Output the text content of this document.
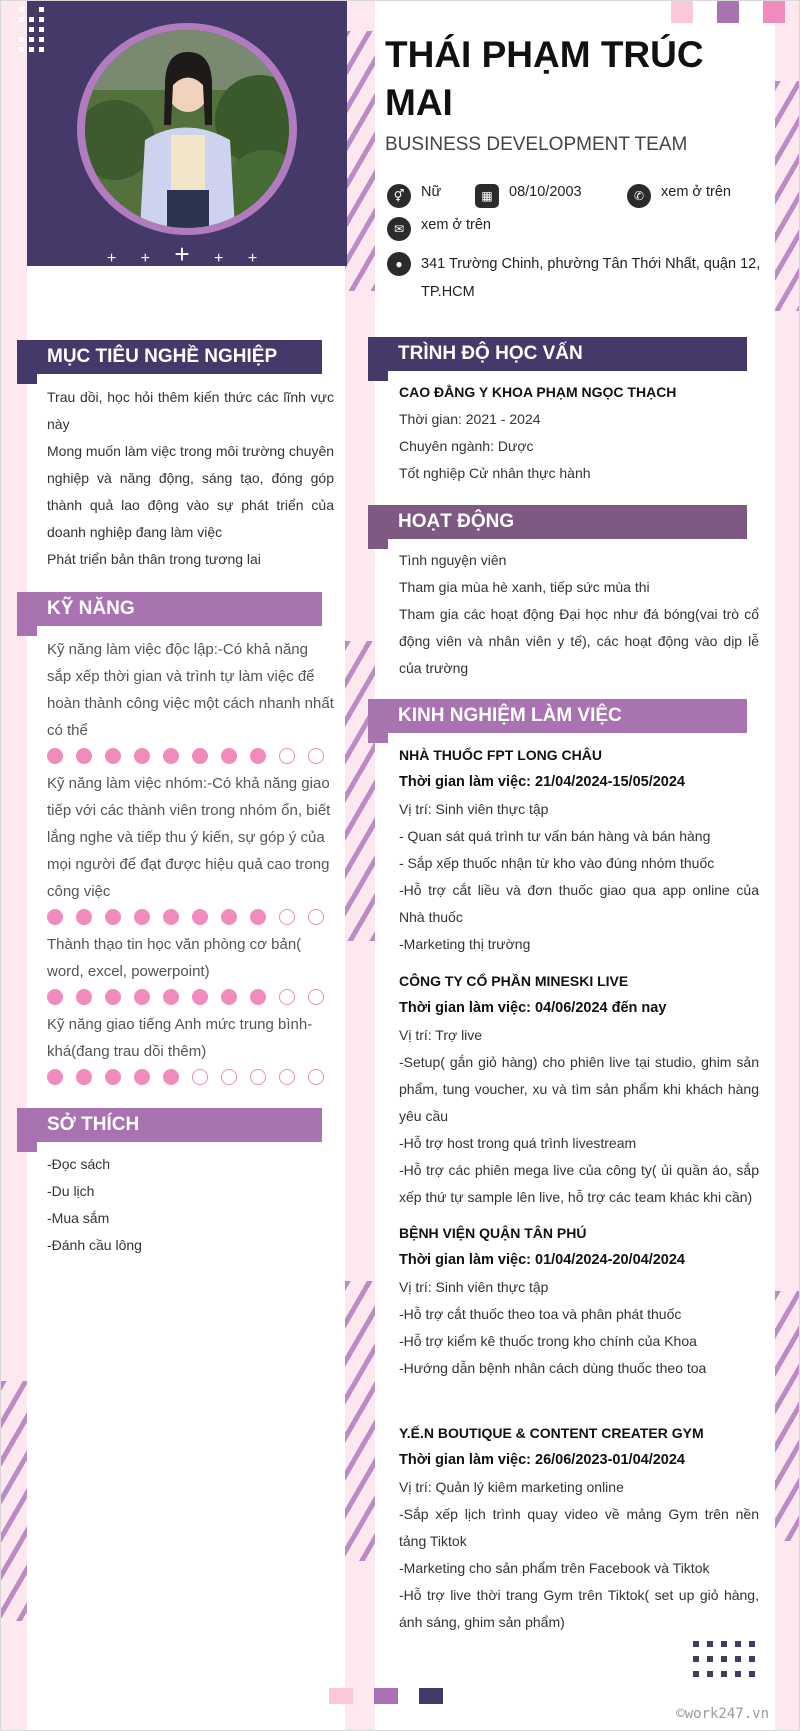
+ + + + +
THÁI PHẠM TRÚC MAI
BUSINESS DEVELOPMENT TEAM
⚥	Nữ	▦	08/10/2003	✆	xem ở trên
✉	xem ở trên
●	341 Trường Chinh, phường Tân Thới Nhất, quận 12, TP.HCM
MỤC TIÊU NGHỀ NGHIỆP
Trau dồi, học hỏi thêm kiến thức các lĩnh vực này
Mong muốn làm việc trong môi trường chuyên nghiệp và năng động, sáng tạo, đóng góp thành quả lao động vào sự phát triển của doanh nghiệp đang làm việc
Phát triển bản thân trong tương lai
KỸ NĂNG
Kỹ năng làm việc độc lập:-Có khả năng sắp xếp thời gian và trình tự làm việc để hoàn thành công việc một cách nhanh nhất có thể
Kỹ năng làm việc nhóm:-Có khả năng giao tiếp với các thành viên trong nhóm ổn, biết lắng nghe và tiếp thu ý kiến, sự góp ý của mọi người để đạt được hiệu quả cao trong công việc
Thành thạo tin học văn phòng cơ bản( word, excel, powerpoint)
Kỹ năng giao tiếng Anh mức trung bình-khá(đang trau dồi thêm)
SỞ THÍCH
-Đọc sách
-Du lịch
-Mua sắm
-Đánh cầu lông
TRÌNH ĐỘ HỌC VẤN
CAO ĐẲNG Y KHOA PHẠM NGỌC THẠCH
Thời gian: 2021 - 2024
Chuyên ngành: Dược
Tốt nghiệp Cử nhân thực hành
HOẠT ĐỘNG
Tình nguyện viên
Tham gia mùa hè xanh, tiếp sức mùa thi
Tham gia các hoạt động Đại học như đá bóng(vai trò cổ động viên và nhân viên y tế), các hoạt động vào dịp lễ của trường
KINH NGHIỆM LÀM VIỆC
NHÀ THUỐC FPT LONG CHÂU
Thời gian làm việc: 21/04/2024-15/05/2024
Vị trí: Sinh viên thực tập
- Quan sát quá trình tư vấn bán hàng và bán hàng
- Sắp xếp thuốc nhận từ kho vào đúng nhóm thuốc
-Hỗ trợ cắt liều và đơn thuốc giao qua app online của Nhà thuốc
-Marketing thị trường
CÔNG TY CỔ PHẦN MINESKI LIVE
Thời gian làm việc: 04/06/2024 đến nay
Vị trí: Trợ live
-Setup( gắn giỏ hàng) cho phiên live tại studio, ghim sản phẩm, tung voucher, xu và tìm sản phẩm khi khách hàng yêu cầu
-Hỗ trợ host trong quá trình livestream
-Hỗ trợ các phiên mega live của công ty( ủi quần áo, sắp xếp thứ tự sample lên live, hỗ trợ các team khác khi cần)
BỆNH VIỆN QUẬN TÂN PHÚ
Thời gian làm việc: 01/04/2024-20/04/2024
Vị trí: Sinh viên thực tập
-Hỗ trợ cắt thuốc theo toa và phân phát thuốc
-Hỗ trợ kiểm kê thuốc trong kho chính của Khoa
-Hướng dẫn bệnh nhân cách dùng thuốc theo toa
Y.Ế.N BOUTIQUE & CONTENT CREATER GYM
Thời gian làm việc: 26/06/2023-01/04/2024
Vị trí: Quản lý kiêm marketing online
-Sắp xếp lịch trình quay video về mảng Gym trên nền tảng Tiktok
-Marketing cho sản phẩm trên Facebook và Tiktok
-Hỗ trợ live thời trang Gym trên Tiktok( set up giỏ hàng, ánh sáng, ghim sản phẩm)
©work247.vn
